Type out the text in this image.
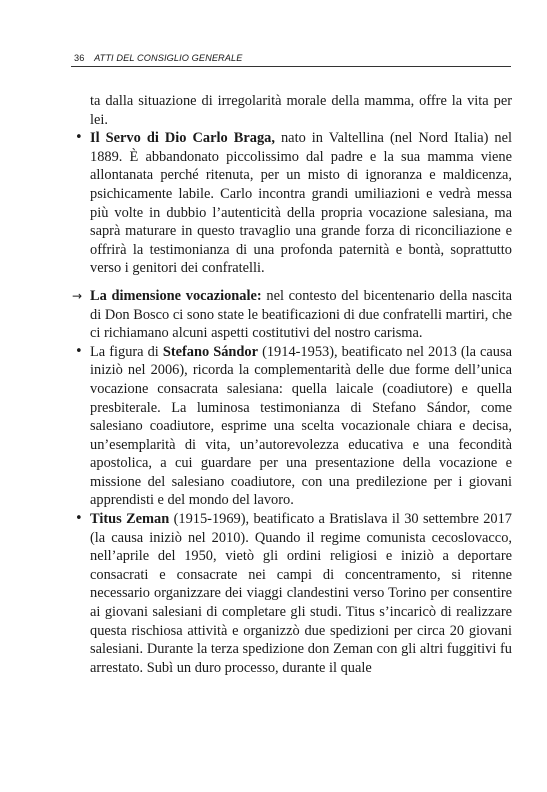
36 ATTI DEL CONSIGLIO GENERALE

ta dalla situazione di irregolarità morale della mamma, offre la vita per lei.

• Il Servo di Dio Carlo Braga, nato in Valtellina (nel Nord Italia) nel 1889. È abbandonato piccolissimo dal padre e la sua mamma viene allontanata perché ritenuta, per un misto di ignoranza e maldicenza, psichicamente labile. Carlo incontra grandi umiliazioni e vedrà messa più volte in dubbio l’autenticità della propria vocazione salesiana, ma saprà maturare in questo travaglio una grande forza di riconciliazione e offrirà la testimonianza di una profonda paternità e bontà, soprattutto verso i genitori dei confratelli.

→ La dimensione vocazionale: nel contesto del bicentenario della nascita di Don Bosco ci sono state le beatificazioni di due confratelli martiri, che ci richiamano alcuni aspetti costitutivi del nostro carisma.

• La figura di Stefano Sándor (1914-1953), beatificato nel 2013 (la causa iniziò nel 2006), ricorda la complementarità delle due forme dell’unica vocazione consacrata salesiana: quella laicale (coadiutore) e quella presbiterale. La luminosa testimonianza di Stefano Sándor, come salesiano coadiutore, esprime una scelta vocazionale chiara e decisa, un’esemplarità di vita, un’autorevolezza educativa e una fecondità apostolica, a cui guardare per una presentazione della vocazione e missione del salesiano coadiutore, con una predilezione per i giovani apprendisti e del mondo del lavoro.

• Titus Zeman (1915-1969), beatificato a Bratislava il 30 settembre 2017 (la causa iniziò nel 2010). Quando il regime comunista cecoslovacco, nell’aprile del 1950, vietò gli ordini religiosi e iniziò a deportare consacrati e consacrate nei campi di concentramento, si ritenne necessario organizzare dei viaggi clandestini verso Torino per consentire ai giovani salesiani di completare gli studi. Titus s’incaricò di realizzare questa rischiosa attività e organizzò due spedizioni per circa 20 giovani salesiani. Durante la terza spedizione don Zeman con gli altri fuggitivi fu arrestato. Subì un duro processo, durante il quale
